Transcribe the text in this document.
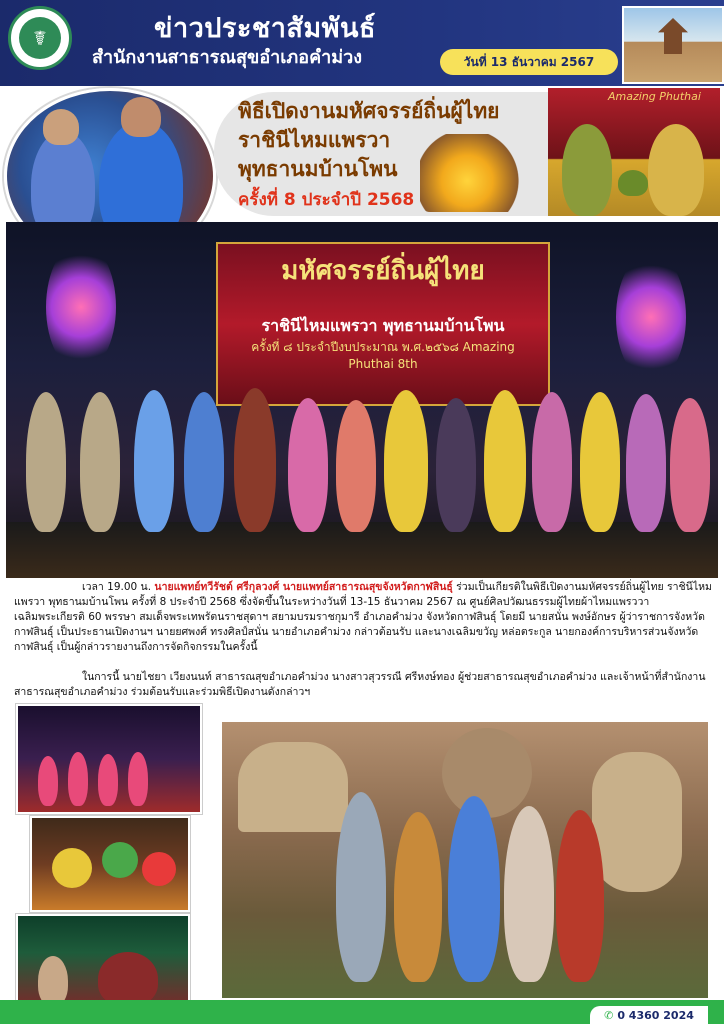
☤	ข่าวประชาสัมพันธ์
สำนักงานสาธารณสุขอำเภอคำม่วง	วันที่ 13 ธันวาคม 2567
พิธีเปิดงานมหัศจรรย์ถิ่นผู้ไทย
ราชินีไหมแพรวา
พุทธานมบ้านโพน
ครั้งที่ 8 ประจำปี 2568
Amazing Phuthai
มหัศจรรย์ถิ่นผู้ไทย
ราชินีไหมแพรวา พุทธานมบ้านโพน
ครั้งที่ ๘ ประจำปีงบประมาณ พ.ศ.๒๕๖๘ Amazing Phuthai 8th
เวลา 19.00 น. นายแพทย์ทวีรัชต์ ศรีกุลวงศ์ นายแพทย์สาธารณสุขจังหวัดกาฬสินธุ์ ร่วมเป็นเกียรติในพิธีเปิดงานมหัศจรรย์ถิ่นผู้ไทย ราชินีไหมแพรวา พุทธานมบ้านโพน ครั้งที่ 8 ประจำปี 2568 ซึ่งจัดขึ้นในระหว่างวันที่ 13-15 ธันวาคม 2567 ณ ศูนย์ศิลปวัฒนธรรมผู้ไทยผ้าไหมแพรววาเฉลิมพระเกียรติ 60 พรรษา สมเด็จพระเทพรัตนราชสุดาฯ สยามบรมราชกุมารี อำเภอคำม่วง จังหวัดกาฬสินธุ์ โดยมี นายสนั่น พงษ์อักษร ผู้ว่าราชการจังหวัดกาฬสินธุ์ เป็นประธานเปิดงานฯ นายยศพงศ์ ทรงศิลป์สนั่น นายอำเภอคำม่วง กล่าวต้อนรับ และนางเฉลิมขวัญ หล่อตระกูล นายกองค์การบริหารส่วนจังหวัดกาฬสินธุ์ เป็นผู้กล่าวรายงานถึงการจัดกิจกรรมในครั้งนี้
ในการนี้ นายไชยา เวียงนนท์ สาธารณสุขอำเภอคำม่วง นางสาวสุวรรณี ศรีหงษ์ทอง ผู้ช่วยสาธารณสุขอำเภอคำม่วง และเจ้าหน้าที่สำนักงานสาธารณสุขอำเภอคำม่วง ร่วมต้อนรับและร่วมพิธีเปิดงานดังกล่าวฯ
✆ 0 4360 2024
